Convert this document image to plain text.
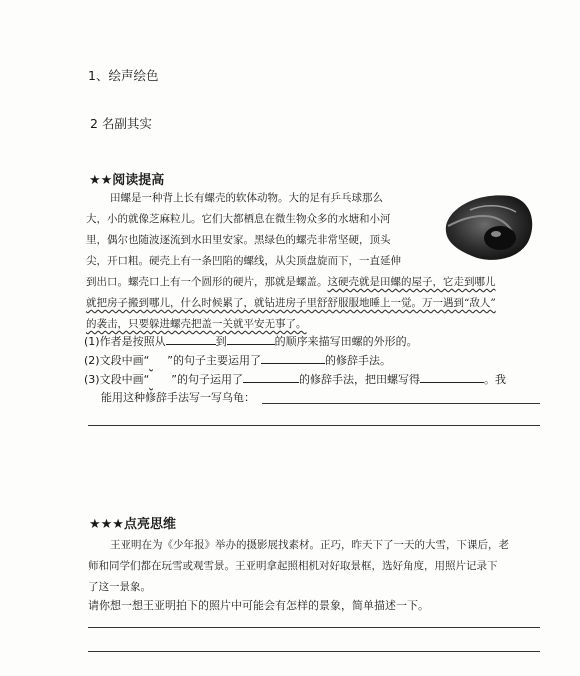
1、绘声绘色
2 名副其实
★★阅读提高
田螺是一种背上长有螺壳的软体动物。大的足有乒乓球那么
大，小的就像芝麻粒儿。它们大都栖息在微生物众多的水塘和小河
里，偶尔也随波逐流到水田里安家。黑绿色的螺壳非常坚硬，顶头
尖，开口粗。硬壳上有一条凹陷的螺线，从尖顶盘旋而下，一直延伸
到出口。螺壳口上有一个圆形的硬片，那就是螺盖。这硬壳就是田螺的屋子，它走到哪儿
就把房子搬到哪儿，什么时候累了，就钻进房子里舒舒服服地睡上一觉。万一遇到“敌人”
的袭击，只要躲进螺壳把盖一关就平安无事了。
(1)作者是按照从	到	的顺序来描写田螺的外形的。
(2)文段中画“ ”的句子主要运用了	的修辞手法。
(3)文段中画“ ”的句子运用了	的修辞手法，把田螺写得	。我
能用这种修辞手法写一写乌龟：
★★★点亮思维
王亚明在为《少年报》举办的摄影展找素材。正巧，昨天下了一天的大雪，下课后，老
师和同学们都在玩雪或观雪景。王亚明拿起照相机对好取景框，选好角度，用照片记录下
了这一景象。
请你想一想王亚明拍下的照片中可能会有怎样的景象，简单描述一下。
